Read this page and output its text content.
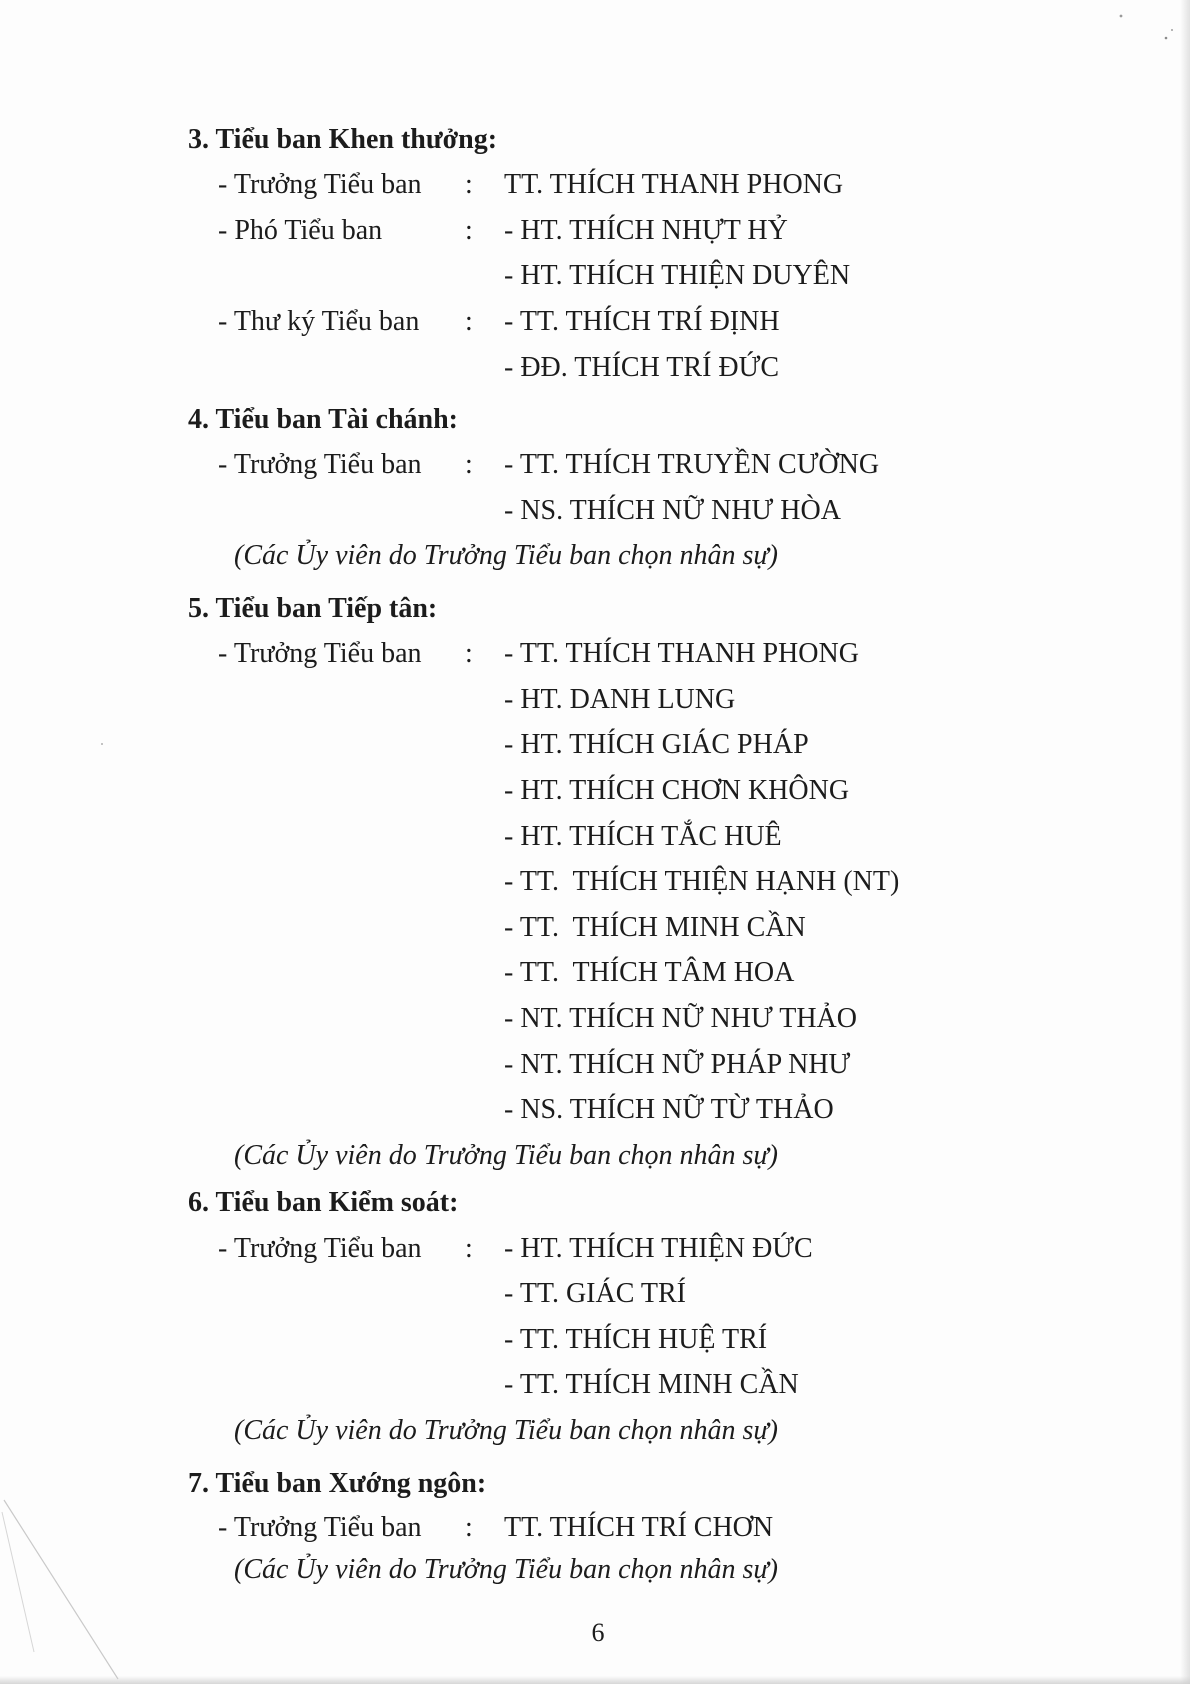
3. Tiểu ban Khen thưởng:
- Trưởng Tiểu ban : TT. THÍCH THANH PHONG
- Phó Tiểu ban	: - HT. THÍCH NHỰT HỶ
- HT. THÍCH THIỆN DUYÊN
- Thư ký Tiểu ban : - TT. THÍCH TRÍ ĐỊNH
- ĐĐ. THÍCH TRÍ ĐỨC
4. Tiểu ban Tài chánh:
- Trưởng Tiểu ban : - TT. THÍCH TRUYỀN CƯỜNG
- NS. THÍCH NỮ NHƯ HÒA
(Các Ủy viên do Trưởng Tiểu ban chọn nhân sự)
5. Tiểu ban Tiếp tân:
- Trưởng Tiểu ban : - TT. THÍCH THANH PHONG
- HT. DANH LUNG
- HT. THÍCH GIÁC PHÁP
- HT. THÍCH CHƠN KHÔNG
- HT. THÍCH TẮC HUÊ
- TT.  THÍCH THIỆN HẠNH (NT)
- TT.  THÍCH MINH CẦN
- TT.  THÍCH TÂM HOA
- NT. THÍCH NỮ NHƯ THẢO
- NT. THÍCH NỮ PHÁP NHƯ
- NS. THÍCH NỮ TỪ THẢO
(Các Ủy viên do Trưởng Tiểu ban chọn nhân sự)
6. Tiểu ban Kiểm soát:
- Trưởng Tiểu ban : - HT. THÍCH THIỆN ĐỨC
- TT. GIÁC TRÍ
- TT. THÍCH HUỆ TRÍ
- TT. THÍCH MINH CẦN
(Các Ủy viên do Trưởng Tiểu ban chọn nhân sự)
7. Tiểu ban Xướng ngôn:
- Trưởng Tiểu ban : TT. THÍCH TRÍ CHƠN
(Các Ủy viên do Trưởng Tiểu ban chọn nhân sự)
6
